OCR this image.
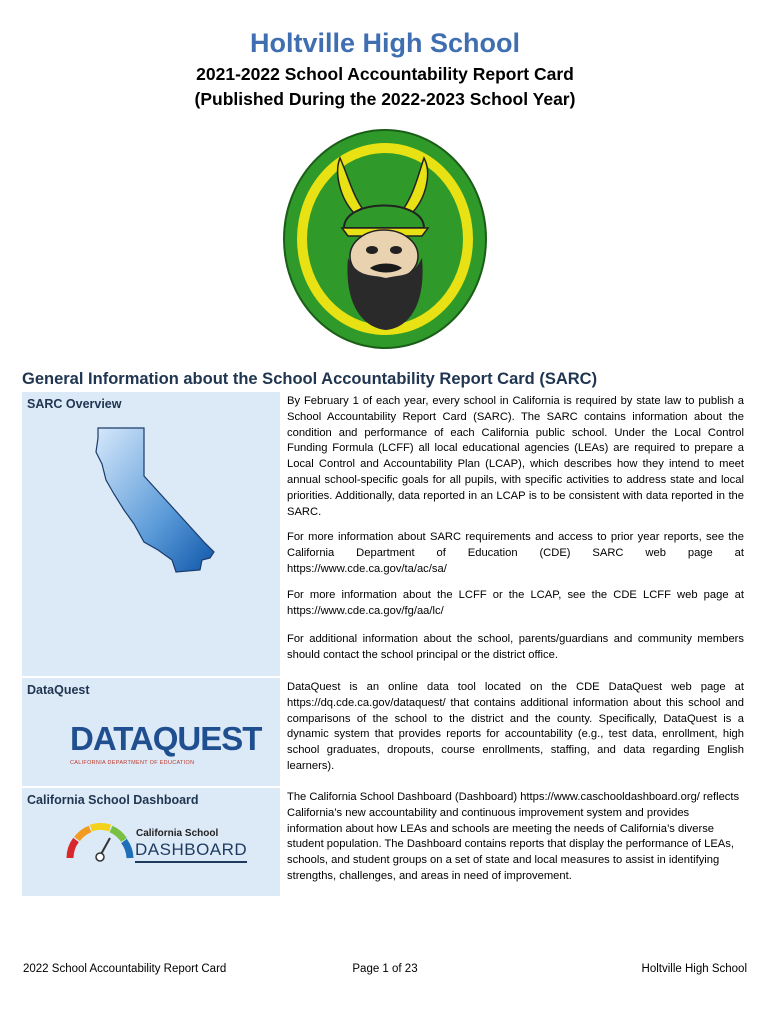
Holtville High School
2021-2022 School Accountability Report Card
(Published During the 2022-2023 School Year)
General Information about the School Accountability Report Card (SARC)
SARC Overview	By February 1 of each year, every school in California is required by state law to publish a School Accountability Report Card (SARC). The SARC contains information about the condition and performance of each California public school. Under the Local Control Funding Formula (LCFF) all local educational agencies (LEAs) are required to prepare a Local Control and Accountability Plan (LCAP), which describes how they intend to meet annual school-specific goals for all pupils, with specific activities to address state and local priorities. Additionally, data reported in an LCAP is to be consistent with data reported in the SARC.
For more information about SARC requirements and access to prior year reports, see the California Department of Education (CDE) SARC web page at https://www.cde.ca.gov/ta/ac/sa/
For more information about the LCFF or the LCAP, see the CDE LCFF web page at https://www.cde.ca.gov/fg/aa/lc/
For additional information about the school, parents/guardians and community members should contact the school principal or the district office.
DataQuest
DATAQUEST
CALIFORNIA DEPARTMENT OF EDUCATION
DataQuest is an online data tool located on the CDE DataQuest web page at https://dq.cde.ca.gov/dataquest/ that contains additional information about this school and comparisons of the school to the district and the county. Specifically, DataQuest is a dynamic system that provides reports for accountability (e.g., test data, enrollment, high school graduates, dropouts, course enrollments, staffing, and data regarding English learners).
California School Dashboard
California School
DASHBOARD
The California School Dashboard (Dashboard) https://www.caschooldashboard.org/ reflects California’s new accountability and continuous improvement system and provides information about how LEAs and schools are meeting the needs of California’s diverse student population. The Dashboard contains reports that display the performance of LEAs, schools, and student groups on a set of state and local measures to assist in identifying strengths, challenges, and areas in need of improvement.
2022 School Accountability Report Card	Page 1 of 23	Holtville High School
